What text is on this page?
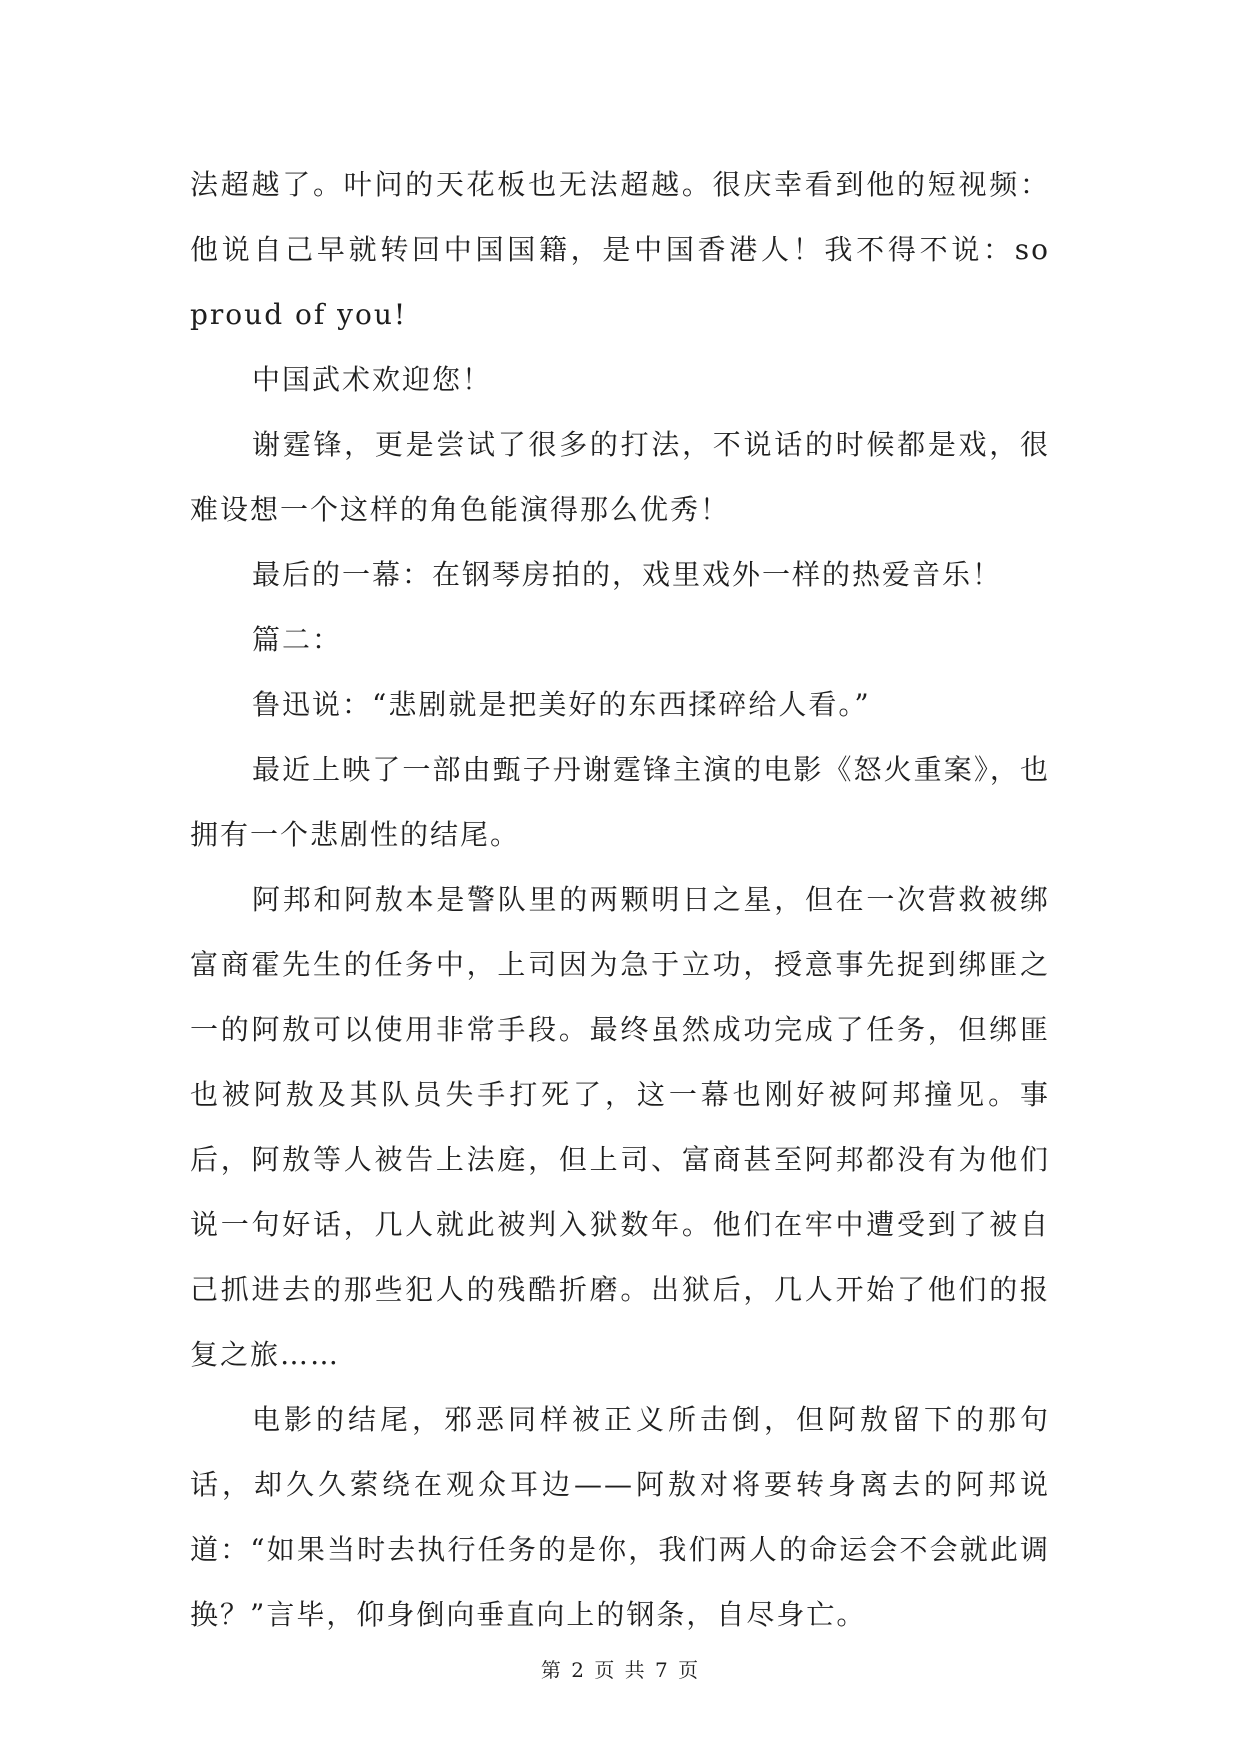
法超越了。叶问的天花板也无法超越。很庆幸看到他的短视频：他说自己早就转回中国国籍，是中国香港人！我不得不说：so proud of you!

中国武术欢迎您！

谢霆锋，更是尝试了很多的打法，不说话的时候都是戏，很难设想一个这样的角色能演得那么优秀！

最后的一幕：在钢琴房拍的，戏里戏外一样的热爱音乐！

篇二：

鲁迅说：“悲剧就是把美好的东西揉碎给人看。”

最近上映了一部由甄子丹谢霆锋主演的电影《怒火重案》，也拥有一个悲剧性的结尾。

阿邦和阿敖本是警队里的两颗明日之星，但在一次营救被绑富商霍先生的任务中，上司因为急于立功，授意事先捉到绑匪之一的阿敖可以使用非常手段。最终虽然成功完成了任务，但绑匪也被阿敖及其队员失手打死了，这一幕也刚好被阿邦撞见。事后，阿敖等人被告上法庭，但上司、富商甚至阿邦都没有为他们说一句好话，几人就此被判入狱数年。他们在牢中遭受到了被自己抓进去的那些犯人的残酷折磨。出狱后，几人开始了他们的报复之旅……

电影的结尾，邪恶同样被正义所击倒，但阿敖留下的那句话，却久久萦绕在观众耳边——阿敖对将要转身离去的阿邦说道：“如果当时去执行任务的是你，我们两人的命运会不会就此调换？”言毕，仰身倒向垂直向上的钢条，自尽身亡。

第 2 页 共 7 页
